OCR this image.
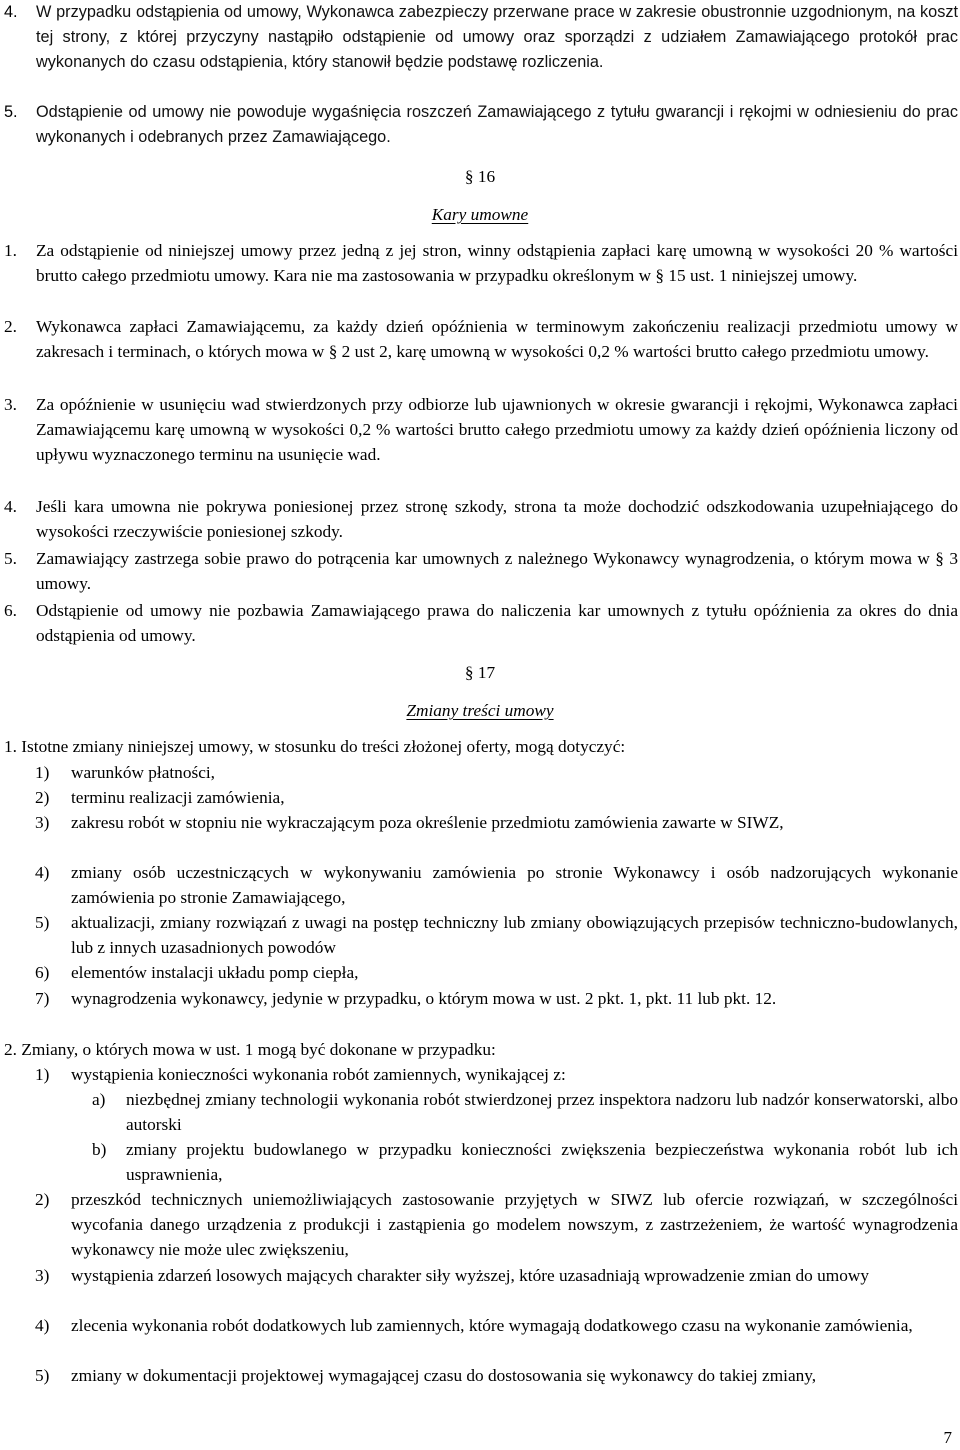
4.	W przypadku odstąpienia od umowy, Wykonawca zabezpieczy przerwane prace w zakresie obustronnie uzgodnionym, na koszt tej strony, z której przyczyny nastąpiło odstąpienie od umowy oraz sporządzi z udziałem Zamawiającego protokół prac wykonanych do czasu odstąpienia, który stanowił będzie podstawę rozliczenia.
5.	Odstąpienie od umowy nie powoduje wygaśnięcia roszczeń Zamawiającego z tytułu gwarancji i rękojmi w odniesieniu do prac wykonanych i odebranych przez Zamawiającego.
§ 16
Kary umowne
1.	Za odstąpienie od niniejszej umowy przez jedną z jej stron, winny odstąpienia zapłaci karę umowną w wysokości 20 % wartości brutto całego przedmiotu umowy. Kara nie ma zastosowania w przypadku określonym w § 15 ust. 1 niniejszej umowy.
2.	Wykonawca zapłaci Zamawiającemu, za każdy dzień opóźnienia w terminowym zakończeniu realizacji przedmiotu umowy w zakresach i terminach, o których mowa w § 2 ust 2, karę umowną w wysokości 0,2 % wartości brutto całego przedmiotu umowy.
3.	Za opóźnienie w usunięciu wad stwierdzonych przy odbiorze lub ujawnionych w okresie gwarancji i rękojmi, Wykonawca zapłaci Zamawiającemu karę umowną w wysokości 0,2 % wartości brutto całego przedmiotu umowy za każdy dzień opóźnienia liczony od upływu wyznaczonego terminu na usunięcie wad.
4.	Jeśli kara umowna nie pokrywa poniesionej przez stronę szkody, strona ta może dochodzić odszkodowania uzupełniającego do wysokości rzeczywiście poniesionej szkody.
5.	Zamawiający zastrzega sobie prawo do potrącenia kar umownych z należnego Wykonawcy wynagrodzenia, o którym mowa w § 3 umowy.
6.	Odstąpienie od umowy nie pozbawia Zamawiającego prawa do naliczenia kar umownych z tytułu opóźnienia za okres do dnia odstąpienia od umowy.
§ 17
Zmiany treści umowy
1. Istotne zmiany niniejszej umowy, w stosunku do treści złożonej oferty, mogą dotyczyć:
1)	warunków płatności,
2)	terminu realizacji zamówienia,
3)	zakresu robót w stopniu nie wykraczającym poza określenie przedmiotu zamówienia zawarte w SIWZ,
4)	zmiany osób uczestniczących w wykonywaniu zamówienia po stronie Wykonawcy i osób nadzorujących wykonanie zamówienia po stronie Zamawiającego,
5)	aktualizacji, zmiany rozwiązań z uwagi na postęp techniczny lub zmiany obowiązujących przepisów techniczno-budowlanych, lub z innych uzasadnionych powodów
6)	elementów instalacji układu pomp ciepła,
7)	wynagrodzenia wykonawcy, jedynie w przypadku, o którym mowa w ust. 2 pkt. 1, pkt. 11 lub pkt. 12.
2. Zmiany, o których mowa w ust. 1 mogą być dokonane w przypadku:
1)	wystąpienia konieczności wykonania robót zamiennych, wynikającej z:
a)	niezbędnej zmiany technologii wykonania robót stwierdzonej przez inspektora nadzoru lub nadzór konserwatorski, albo autorski
b)	zmiany projektu budowlanego w przypadku konieczności zwiększenia bezpieczeństwa wykonania robót lub ich usprawnienia,
2)	przeszkód technicznych uniemożliwiających zastosowanie przyjętych w SIWZ lub ofercie rozwiązań, w szczególności wycofania danego urządzenia z produkcji i zastąpienia go modelem nowszym, z zastrzeżeniem, że wartość wynagrodzenia wykonawcy nie może ulec zwiększeniu,
3)	wystąpienia zdarzeń losowych mających charakter siły wyższej, które uzasadniają wprowadzenie zmian do umowy
4)	zlecenia wykonania robót dodatkowych lub zamiennych, które wymagają dodatkowego czasu na wykonanie zamówienia,
5)	zmiany w dokumentacji projektowej wymagającej czasu do dostosowania się wykonawcy do takiej zmiany,
7
